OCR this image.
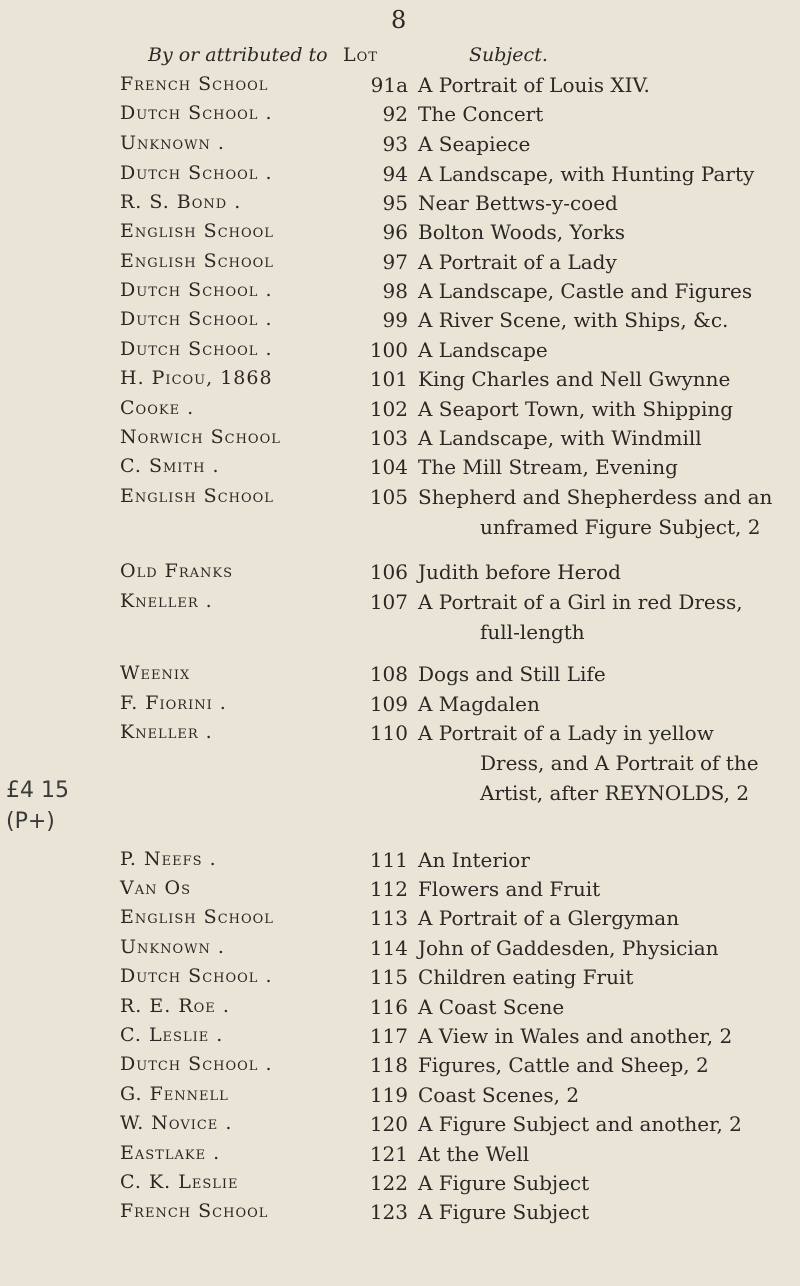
8
By or attributed to Lot	Subject.
French School	91a A Portrait of Louis XIV.
Dutch School .	92 The Concert
Unknown .	93 A Seapiece
Dutch School .	94 A Landscape, with Hunting Party
R. S. Bond .	95 Near Bettws-y-coed
English School	96 Bolton Woods, Yorks
English School	97 A Portrait of a Lady
Dutch School .	98 A Landscape, Castle and Figures
Dutch School .	99 A River Scene, with Ships, &c.
Dutch School .	100 A Landscape
H. Picou, 1868	101 King Charles and Nell Gwynne
Cooke .	102 A Seaport Town, with Shipping
Norwich School	103 A Landscape, with Windmill
C. Smith .	104 The Mill Stream, Evening
English School	105 Shepherd and Shepherdess and an
unframed Figure Subject, 2
Old Franks	106 Judith before Herod
Kneller .	107 A Portrait of a Girl in red Dress,
full-length
Weenix	108 Dogs and Still Life
F. Fiorini .	109 A Magdalen
Kneller .	110 A Portrait of a Lady in yellow
Dress, and A Portrait of the
Artist, after REYNOLDS, 2
P. Neefs .	111 An Interior
Van Os	112 Flowers and Fruit
English School	113 A Portrait of a Glergyman
Unknown .	114 John of Gaddesden, Physician
Dutch School .	115 Children eating Fruit
R. E. Roe .	116 A Coast Scene
C. Leslie .	117 A View in Wales and another, 2
Dutch School .	118 Figures, Cattle and Sheep, 2
G. Fennell	119 Coast Scenes, 2
W. Novice .	120 A Figure Subject and another, 2
Eastlake .	121 At the Well
C. K. Leslie	122 A Figure Subject
French School	123 A Figure Subject
£4 15
(P+)
